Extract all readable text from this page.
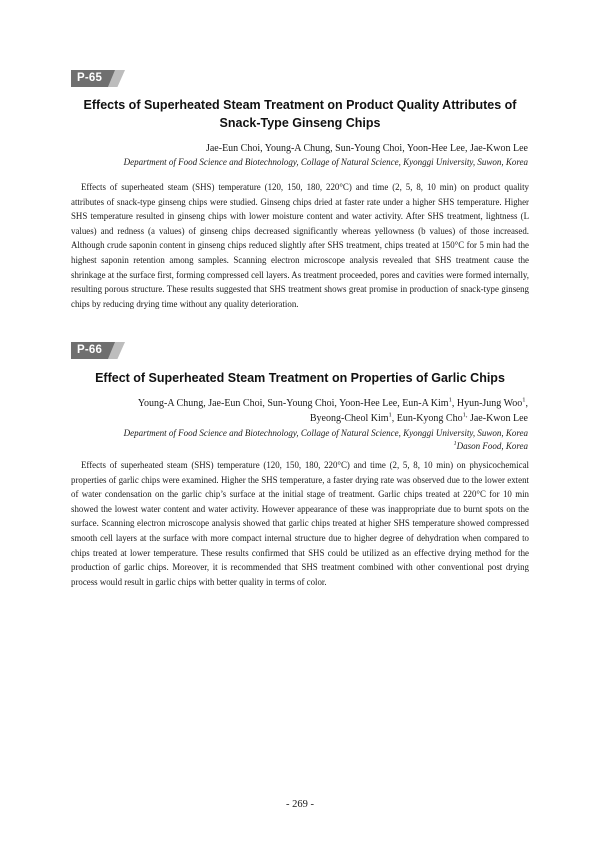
P-65
Effects of Superheated Steam Treatment on Product Quality Attributes of
Snack-Type Ginseng Chips
Jae-Eun Choi, Young-A Chung, Sun-Young Choi, Yoon-Hee Lee, Jae-Kwon Lee
Department of Food Science and Biotechnology, Collage of Natural Science, Kyonggi University, Suwon, Korea

Effects of superheated steam (SHS) temperature (120, 150, 180, 220°C) and time (2, 5, 8, 10 min) on product quality attributes of snack-type ginseng chips were studied. Ginseng chips dried at faster rate under a higher SHS temperature. Higher SHS temperature resulted in ginseng chips with lower moisture content and water activity. After SHS treatment, lightness (L values) and redness (a values) of ginseng chips decreased significantly whereas yellowness (b values) of those increased. Although crude saponin content in ginseng chips reduced slightly after SHS treatment, chips treated at 150°C for 5 min had the highest saponin retention among samples. Scanning electron microscope analysis revealed that SHS treatment cause the shrinkage at the surface first, forming compressed cell layers. As treatment proceeded, pores and cavities were formed internally, resulting porous structure. These results suggested that SHS treatment shows great promise in production of snack-type ginseng chips by reducing drying time without any quality deterioration.

P-66
Effect of Superheated Steam Treatment on Properties of Garlic Chips
Young-A Chung, Jae-Eun Choi, Sun-Young Choi, Yoon-Hee Lee, Eun-A Kim$^1$, Hyun-Jung Woo$^1$,
Byeong-Cheol Kim$^1$, Eun-Kyong Cho$^{1,}$ Jae-Kwon Lee
Department of Food Science and Biotechnology, Collage of Natural Science, Kyonggi University, Suwon, Korea
$^1$Dason Food, Korea

Effects of superheated steam (SHS) temperature (120, 150, 180, 220°C) and time (2, 5, 8, 10 min) on physicochemical properties of garlic chips were examined. Higher the SHS temperature, a faster drying rate was observed due to the lower extent of water condensation on the garlic chip’s surface at the initial stage of treatment. Garlic chips treated at 220°C for 10 min showed the lowest water content and water activity. However appearance of these was inappropriate due to burnt spots on the surface. Scanning electron microscope analysis showed that garlic chips treated at higher SHS temperature showed compressed smooth cell layers at the surface with more compact internal structure due to higher degree of dehydration when compared to chips treated at lower temperature. These results confirmed that SHS could be utilized as an effective drying method for the production of garlic chips. Moreover, it is recommended that SHS treatment combined with other conventional post drying process would result in garlic chips with better quality in terms of color.

- 269 -
